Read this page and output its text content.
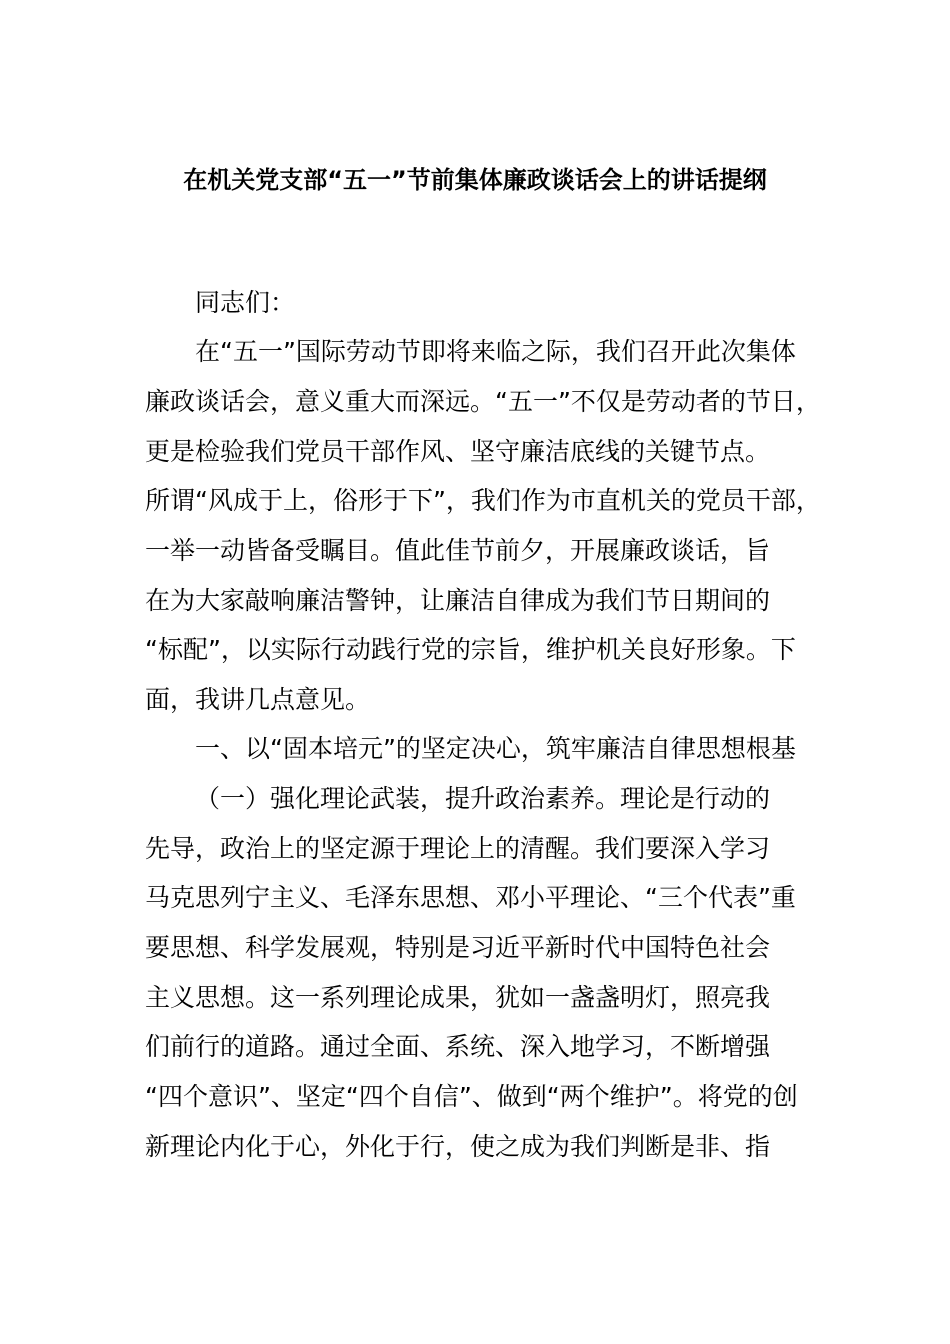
在机关党支部“五一”节前集体廉政谈话会上的讲话提纲

同志们：

在“五一”国际劳动节即将来临之际，我们召开此次集体

廉政谈话会，意义重大而深远。“五一”不仅是劳动者的节日，

更是检验我们党员干部作风、坚守廉洁底线的关键节点。

所谓“风成于上，俗形于下”，我们作为市直机关的党员干部，

一举一动皆备受瞩目。值此佳节前夕，开展廉政谈话，旨

在为大家敲响廉洁警钟，让廉洁自律成为我们节日期间的

“标配”，以实际行动践行党的宗旨，维护机关良好形象。下

面，我讲几点意见。

一、以“固本培元”的坚定决心，筑牢廉洁自律思想根基

（一）强化理论武装，提升政治素养。理论是行动的

先导，政治上的坚定源于理论上的清醒。我们要深入学习

马克思列宁主义、毛泽东思想、邓小平理论、“三个代表”重

要思想、科学发展观，特别是习近平新时代中国特色社会

主义思想。这一系列理论成果，犹如一盏盏明灯，照亮我

们前行的道路。通过全面、系统、深入地学习，不断增强

“四个意识”、坚定“四个自信”、做到“两个维护”。将党的创

新理论内化于心，外化于行，使之成为我们判断是非、指
